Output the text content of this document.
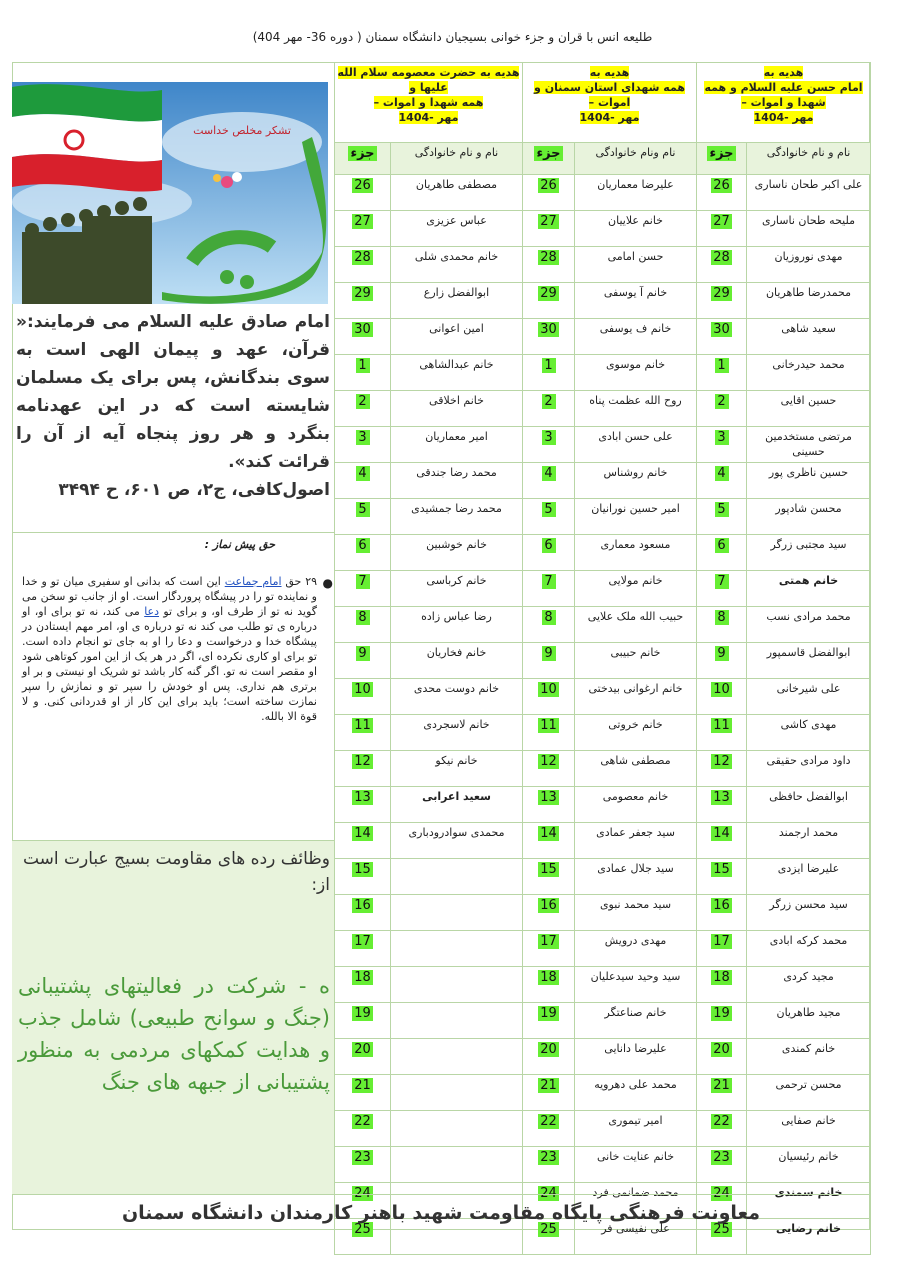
طلیعه انس با قران و جزء خوانی بسیجیان دانشگاه سمنان ( دوره 36- مهر 404)
تشکر مخلص خداست
امام صادق علیه السلام می فرمایند:« قرآن، عهد و پیمان الهی است به سوی بندگانش، پس برای یک مسلمان شایسته است که در این عهدنامه بنگرد و هر روز پنجاه آیه از آن را قرائت کند».
اصول‌کافی، ج۲، ص ۶۰۱، ح ۳۴۹۴
حق پیش نماز :
●
۲۹ حق امام جماعت این است که بدانی او سفیری میان تو و خدا و نماینده تو را در پیشگاه پروردگار است. او از جانب تو سخن می گوید نه تو از طرف او، و برای تو دعا می کند، نه تو برای او، او درباره ی تو طلب می کند نه تو درباره ی او، امر مهم ایستادن در پیشگاه خدا و درخواست و دعا را او به جای تو انجام داده است. تو برای او کاری نکرده ای، اگر در هر یک از این امور کوتاهی شود او مقصر است نه تو. اگر گنه کار باشد تو شریک او نیستی و بر او برتری هم نداری. پس او خودش را سپر تو و نمازش را سپر نمازت ساخته است؛ باید برای این کار از او قدردانی کنی. و لا قوة الا بالله.
وظائف رده های مقاومت بسیج عبارت است از:
ه - شرکت در فعالیتهای پشتیبانی (جنگ و سوانح طبیعی) شامل جذب و هدایت کمکهای مردمی به منظور پشتیبانی از جبهه های جنگ
هدیه به
امام حسن علیه السلام و همه شهدا و اموات –
مهر -1404		هدیه به
همه شهدای استان سمنان و اموات –
مهر -1404		هدیه به حضرت معصومه سلام الله علیها و
همه شهدا و اموات –
مهر -1404	
نام و نام خانوادگی	جزء	نام ونام خانوادگی	جزء	نام و نام خانوادگی	جزء
علی اکبر طحان ناساری	26	علیرضا معماریان	26	مصطفی طاهریان	26
ملیحه طحان ناساری	27	خانم علاییان	27	عباس عزیزی	27
مهدی نوروزیان	28	حسن امامی	28	خانم محمدی شلی	28
محمدرضا طاهریان	29	خانم آ یوسفی	29	ابوالفضل زارع	29
سعید شاهی	30	خانم ف یوسفی	30	امین اعوانی	30
محمد حیدرخانی	1	خانم موسوی	1	خانم عبدالشاهی	1
حسین اقایی	2	روح الله عظمت پناه	2	خانم اخلاقی	2
مرتضی مستخدمین حسینی	3	علی حسن ابادی	3	امیر معماریان	3
حسین ناظری پور	4	خانم روشناس	4	محمد رضا جندقی	4
محسن شادپور	5	امیر حسین نورانیان	5	محمد رضا جمشیدی	5
سید مجتبی زرگر	6	مسعود معماری	6	خانم خوشبین	6
خانم همتی	7	خانم مولایی	7	خانم کرباسی	7
محمد مرادی نسب	8	حبیب الله ملک علایی	8	رضا عباس زاده	8
ابوالفضل قاسمپور	9	خانم حبیبی	9	خانم فخاریان	9
علی شیرخانی	10	خانم ارغوانی بیدختی	10	خانم دوست محدی	10
مهدی کاشی	11	خانم خروتی	11	خانم لاسجردی	11
داود مرادی حقیقی	12	مصطفی شاهی	12	خانم نیکو	12
ابوالفضل حافظی	13	خانم معصومی	13	سعید اعرابی	13
محمد ارجمند	14	سید جعفر عمادی	14	محمدی سوادرودباری	14
علیرضا ایزدی	15	سید جلال عمادی	15		15
سید محسن زرگر	16	سید محمد نبوی	16		16
محمد کرکه ابادی	17	مهدی درویش	17		17
مجید کردی	18	سید وحید سیدعلیان	18		18
مجید طاهریان	19	خانم صناعتگر	19		19
خانم کمندی	20	علیرضا دانایی	20		20
محسن ترحمی	21	محمد علی دهرویه	21		21
خانم صفایی	22	امیر تیموری	22		22
خانم رئیسیان	23	خانم عنایت خانی	23		23
خانم سمندی	24	محمد ضمانمی فرد	24		24
خانم رضایی	25	علی نفیسی فر	25		25
معاونت فرهنگی پایگاه مقاومت شهید باهنر کارمندان دانشگاه سمنان
